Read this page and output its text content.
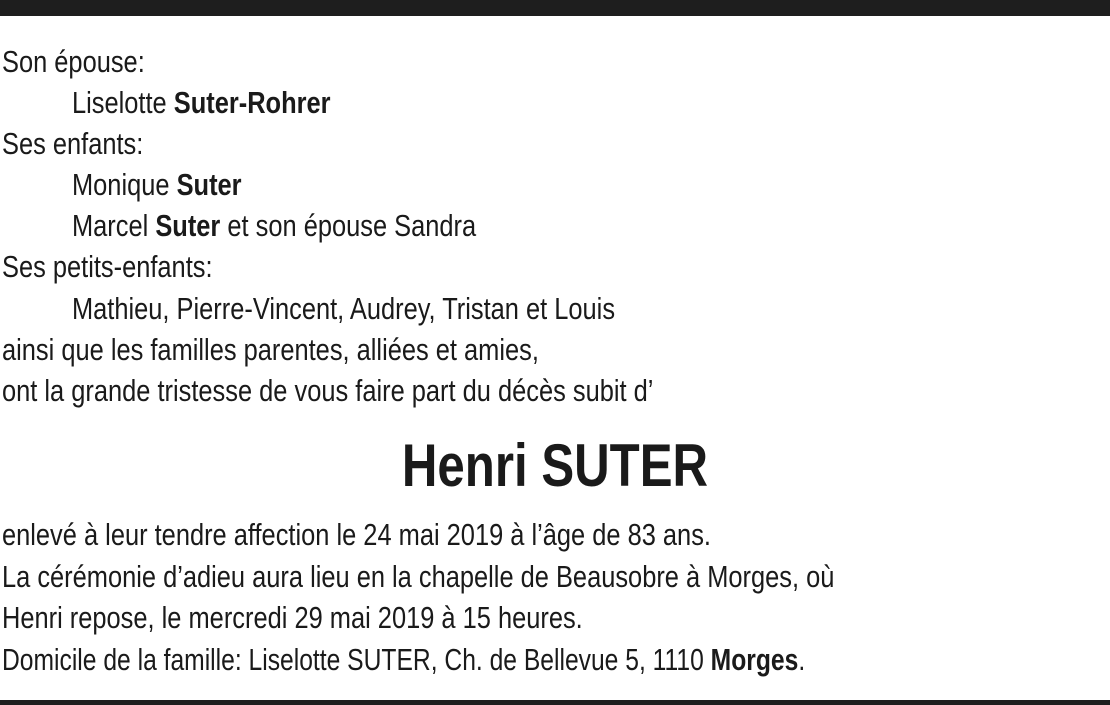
Son épouse:
Liselotte Suter-Rohrer
Ses enfants:
Monique Suter
Marcel Suter et son épouse Sandra
Ses petits-enfants:
Mathieu, Pierre-Vincent, Audrey, Tristan et Louis
ainsi que les familles parentes, alliées et amies,
ont la grande tristesse de vous faire part du décès subit d’
Henri SUTER
enlevé à leur tendre affection le 24 mai 2019 à l’âge de 83 ans.
La cérémonie d’adieu aura lieu en la chapelle de Beausobre à Morges, où
Henri repose, le mercredi 29 mai 2019 à 15 heures.
Domicile de la famille: Liselotte SUTER, Ch. de Bellevue 5, 1110 Morges.
